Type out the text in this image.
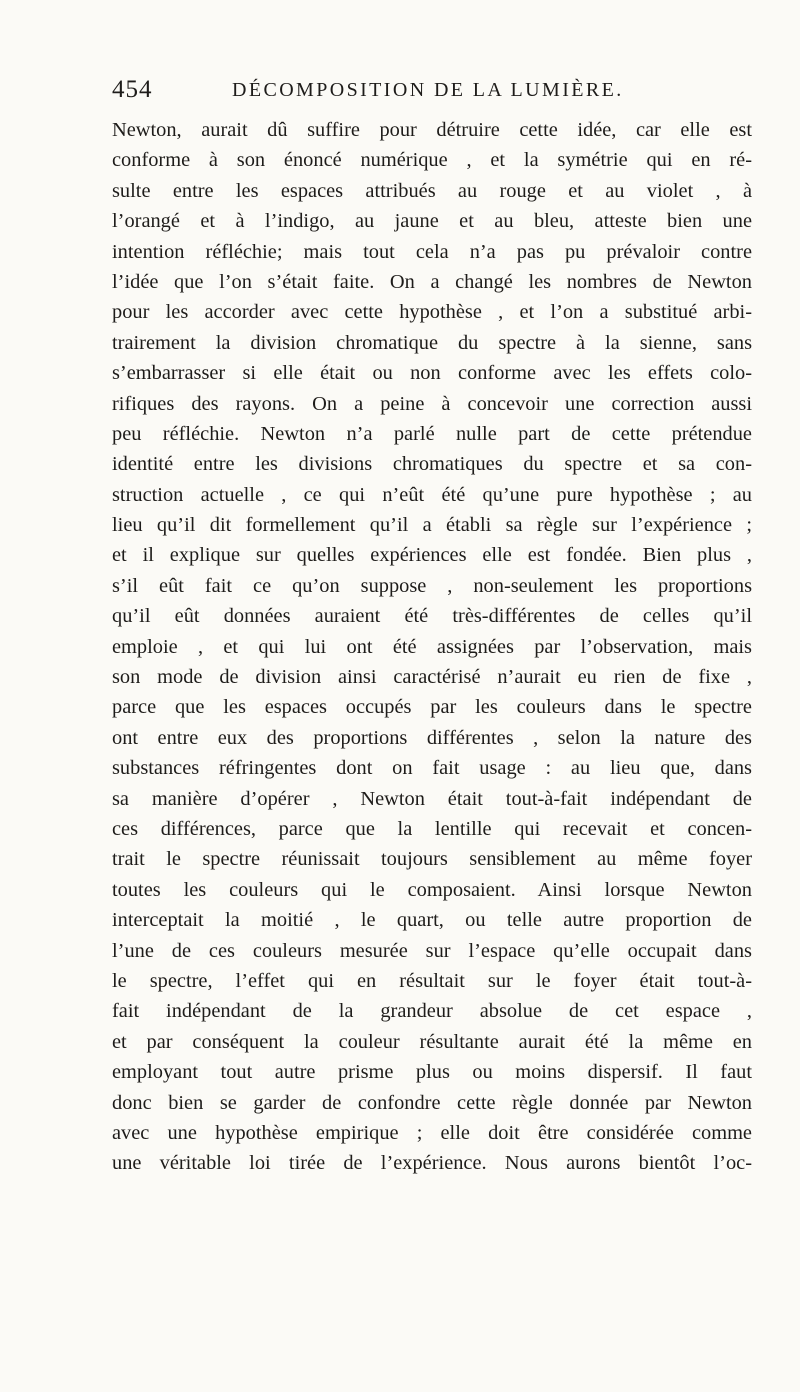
454	DÉCOMPOSITION DE LA LUMIÈRE.
Newton, aurait dû suffire pour détruire cette idée, car elle est
conforme à son énoncé numérique , et la symétrie qui en ré-
sulte entre les espaces attribués au rouge et au violet , à
l’orangé et à l’indigo, au jaune et au bleu, atteste bien une
intention réfléchie; mais tout cela n’a pas pu prévaloir contre
l’idée que l’on s’était faite. On a changé les nombres de Newton
pour les accorder avec cette hypothèse , et l’on a substitué arbi-
trairement la division chromatique du spectre à la sienne, sans
s’embarrasser si elle était ou non conforme avec les effets colo-
rifiques des rayons. On a peine à concevoir une correction aussi
peu réfléchie. Newton n’a parlé nulle part de cette prétendue
identité entre les divisions chromatiques du spectre et sa con-
struction actuelle , ce qui n’eût été qu’une pure hypothèse ; au
lieu qu’il dit formellement qu’il a établi sa règle sur l’expérience ;
et il explique sur quelles expériences elle est fondée. Bien plus ,
s’il eût fait ce qu’on suppose , non-seulement les proportions
qu’il eût données auraient été très-différentes de celles qu’il
emploie , et qui lui ont été assignées par l’observation, mais
son mode de division ainsi caractérisé n’aurait eu rien de fixe ,
parce que les espaces occupés par les couleurs dans le spectre
ont entre eux des proportions différentes , selon la nature des
substances réfringentes dont on fait usage : au lieu que, dans
sa manière d’opérer , Newton était tout-à-fait indépendant de
ces différences, parce que la lentille qui recevait et concen-
trait le spectre réunissait toujours sensiblement au même foyer
toutes les couleurs qui le composaient. Ainsi lorsque Newton
interceptait la moitié , le quart, ou telle autre proportion de
l’une de ces couleurs mesurée sur l’espace qu’elle occupait dans
le spectre, l’effet qui en résultait sur le foyer était tout-à-
fait indépendant de la grandeur absolue de cet espace ,
et par conséquent la couleur résultante aurait été la même en
employant tout autre prisme plus ou moins dispersif. Il faut
donc bien se garder de confondre cette règle donnée par Newton
avec une hypothèse empirique ; elle doit être considérée comme
une véritable loi tirée de l’expérience. Nous aurons bientôt l’oc-
